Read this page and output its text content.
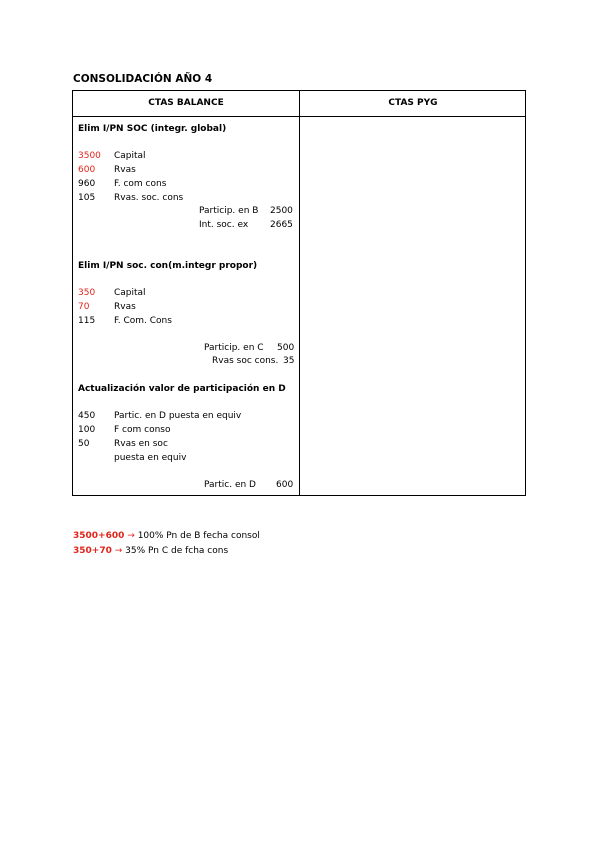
CONSOLIDACIÓN AÑO 4
CTAS BALANCE	CTAS PYG
Elim I/PN SOC (integr. global)
3500 Capital
600 Rvas
960 F. com cons
105 Rvas. soc. cons
Particip. en B 2500
Int. soc. ex 2665
Elim I/PN soc. con(m.integr propor)
350 Capital
70	Rvas
115 F. Com. Cons
Particip. en C 500
Rvas soc cons. 35
Actualización valor de participación en D
450 Partic. en D puesta en equiv
100 F com conso
50	Rvas en soc
puesta en equiv
Partic. en D 600
3500+600 → 100% Pn de B fecha consol
350+70 → 35% Pn C de fcha cons
